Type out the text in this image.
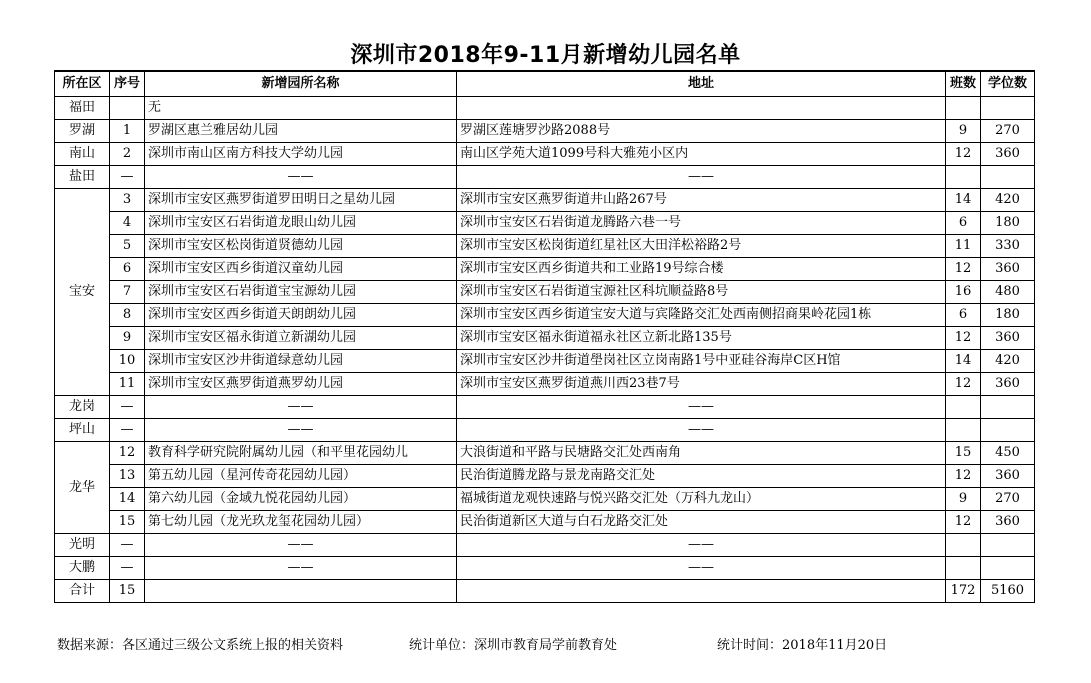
深圳市2018年9-11月新增幼儿园名单
所在区	序号	新增园所名称	地址	班数	学位数
福田		无			
罗湖	1	罗湖区惠兰雅居幼儿园	罗湖区莲塘罗沙路2088号	9	270
南山	2	深圳市南山区南方科技大学幼儿园	南山区学苑大道1099号科大雅苑小区内	12	360
盐田	—	——	——		
宝安	3	深圳市宝安区燕罗街道罗田明日之星幼儿园	深圳市宝安区燕罗街道井山路267号	14	420
	4	深圳市宝安区石岩街道龙眼山幼儿园	深圳市宝安区石岩街道龙腾路六巷一号	6	180
	5	深圳市宝安区松岗街道贤德幼儿园	深圳市宝安区松岗街道红星社区大田洋松裕路2号	11	330
	6	深圳市宝安区西乡街道汉童幼儿园	深圳市宝安区西乡街道共和工业路19号综合楼	12	360
	7	深圳市宝安区石岩街道宝宝源幼儿园	深圳市宝安区石岩街道宝源社区科坑顺益路8号	16	480
	8	深圳市宝安区西乡街道天朗朗幼儿园	深圳市宝安区西乡街道宝安大道与宾隆路交汇处西南侧招商果岭花园1栋	6	180
	9	深圳市宝安区福永街道立新湖幼儿园	深圳市宝安区福永街道福永社区立新北路135号	12	360
	10	深圳市宝安区沙井街道绿意幼儿园	深圳市宝安区沙井街道壆岗社区立岗南路1号中亚硅谷海岸C区H馆	14	420
	11	深圳市宝安区燕罗街道燕罗幼儿园	深圳市宝安区燕罗街道燕川西23巷7号	12	360
龙岗	—	——	——		
坪山	—	——	——		
龙华	12	教育科学研究院附属幼儿园（和平里花园幼儿	大浪街道和平路与民塘路交汇处西南角	15	450
	13	第五幼儿园（星河传奇花园幼儿园）	民治街道腾龙路与景龙南路交汇处	12	360
	14	第六幼儿园（金域九悦花园幼儿园）	福城街道龙观快速路与悦兴路交汇处（万科九龙山）	9	270
	15	第七幼儿园（龙光玖龙玺花园幼儿园）	民治街道新区大道与白石龙路交汇处	12	360
光明	—	——	——		
大鹏	—	——	——		
合计	15			172	5160
数据来源：各区通过三级公文系统上报的相关资料	统计单位：深圳市教育局学前教育处	统计时间：2018年11月20日
